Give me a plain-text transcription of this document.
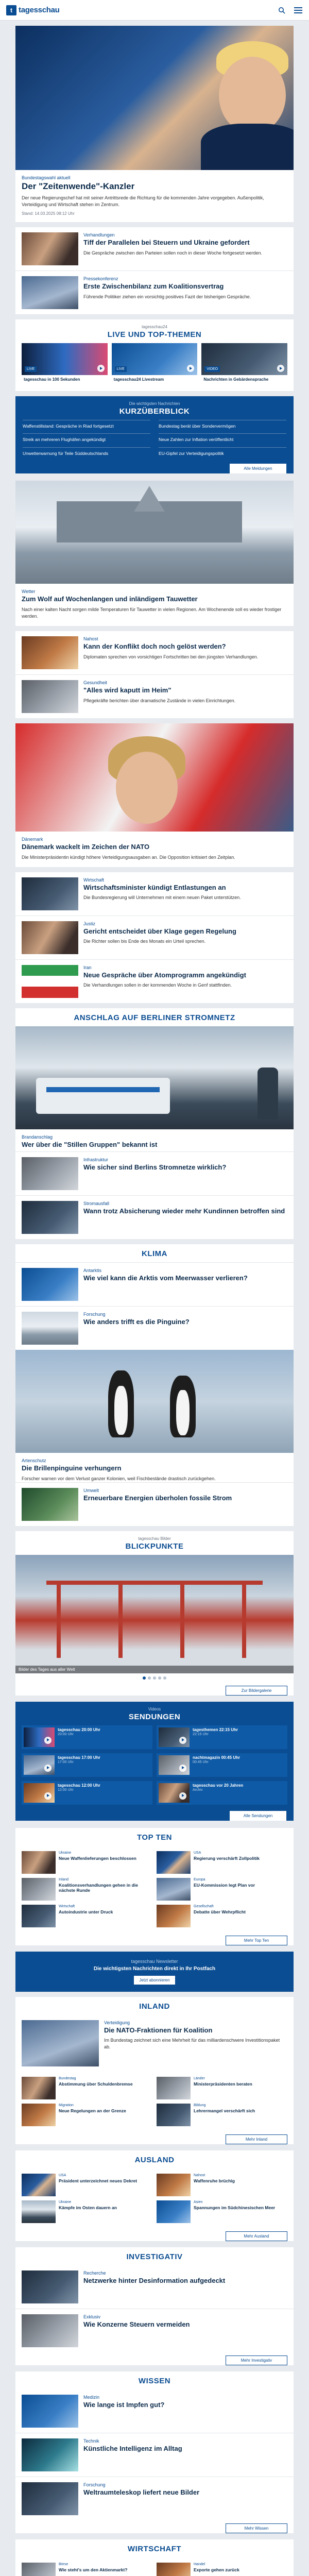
t tagesschau
Bundestagswahl aktuell
Der "Zeitenwende"-Kanzler
Der neue Regierungschef hat mit seiner Antrittsrede die Richtung für die kommenden Jahre vorgegeben. Außenpolitik, Verteidigung und Wirtschaft stehen im Zentrum.
Stand: 14.03.2025 08:12 Uhr
Verhandlungen
Tiff der Parallelen bei Steuern und Ukraine gefordert
Die Gespräche zwischen den Parteien sollen noch in dieser Woche fortgesetzt werden.
Pressekonferenz
Erste Zwischenbilanz zum Koalitionsvertrag
Führende Politiker ziehen ein vorsichtig positives Fazit der bisherigen Gespräche.
tagesschau24
LIVE UND TOP-THEMEN
LIVE
tagesschau in 100 Sekunden
LIVE
tagesschau24 Livestream
VIDEO
Nachrichten in Gebärdensprache
Die wichtigsten Nachrichten
KURZÜBERBLICK
Waffenstillstand: Gespräche in Riad fortgesetzt	Bundestag berät über Sondervermögen
Streik an mehreren Flughäfen angekündigt	Neue Zahlen zur Inflation veröffentlicht
Unwetterwarnung für Teile Süddeutschlands	EU-Gipfel zur Verteidigungspolitik
Alle Meldungen
Wetter
Zum Wolf auf Wochenlangen und inländigem Tauwetter
Nach einer kalten Nacht sorgen milde Temperaturen für Tauwetter in vielen Regionen. Am Wochenende soll es wieder frostiger werden.
Nahost
Kann der Konflikt doch noch gelöst werden?
Diplomaten sprechen von vorsichtigen Fortschritten bei den jüngsten Verhandlungen.
Gesundheit
"Alles wird kaputt im Heim"
Pflegekräfte berichten über dramatische Zustände in vielen Einrichtungen.
Dänemark
Dänemark wackelt im Zeichen der NATO
Die Ministerpräsidentin kündigt höhere Verteidigungsausgaben an. Die Opposition kritisiert den Zeitplan.
Wirtschaft
Wirtschaftsminister kündigt Entlastungen an
Die Bundesregierung will Unternehmen mit einem neuen Paket unterstützen.
Justiz
Gericht entscheidet über Klage gegen Regelung
Die Richter sollen bis Ende des Monats ein Urteil sprechen.
Iran
Neue Gespräche über Atomprogramm angekündigt
Die Verhandlungen sollen in der kommenden Woche in Genf stattfinden.
ANSCHLAG AUF BERLINER STROMNETZ
Brandanschlag
Wer über die "Stillen Gruppen" bekannt ist
Infrastruktur
Wie sicher sind Berlins Stromnetze wirklich?
Stromausfall
Wann trotz Absicherung wieder mehr Kundinnen betroffen sind
KLIMA
Antarktis
Wie viel kann die Arktis vom Meerwasser verlieren?
Forschung
Wie anders trifft es die Pinguine?
Artenschutz
Die Brillenpinguine verhungern
Forscher warnen vor dem Verlust ganzer Kolonien, weil Fischbestände drastisch zurückgehen.
Umwelt
Erneuerbare Energien überholen fossile Strom
tagesschau Bilder
BLICKPUNKTE
Bilder des Tages aus aller Welt
Zur Bildergalerie
Videos
SENDUNGEN
tagesschau 20:00 Uhr
20:00 Uhr
tagesthemen 22:15 Uhr
22:15 Uhr
tagesschau 17:00 Uhr
17:00 Uhr
nachtmagazin 00:45 Uhr
00:45 Uhr
tagesschau 12:00 Uhr
12:00 Uhr
tagesschau vor 20 Jahren
Archiv
Alle Sendungen
TOP TEN
Ukraine
Neue Waffenlieferungen beschlossen
USA
Regierung verschärft Zollpolitik
Inland
Koalitionsverhandlungen gehen in die nächste Runde
Europa
EU-Kommission legt Plan vor
Wirtschaft
Autoindustrie unter Druck
Gesellschaft
Debatte über Wehrpflicht
Mehr Top Ten
tagesschau Newsletter
Die wichtigsten Nachrichten direkt in Ihr Postfach
Jetzt abonnieren
INLAND
Verteidigung
Die NATO-Fraktionen für Koalition
Im Bundestag zeichnet sich eine Mehrheit für das milliardenschwere Investitionspaket ab.
Bundestag
Abstimmung über Schuldenbremse
Länder
Ministerpräsidenten beraten
Migration
Neue Regelungen an der Grenze
Bildung
Lehrermangel verschärft sich
Mehr Inland
AUSLAND
USA
Präsident unterzeichnet neues Dekret
Nahost
Waffenruhe brüchig
Ukraine
Kämpfe im Osten dauern an
Asien
Spannungen im Südchinesischen Meer
Mehr Ausland
INVESTIGATIV
Recherche
Netzwerke hinter Desinformation aufgedeckt
Exklusiv
Wie Konzerne Steuern vermeiden
Mehr Investigativ
WISSEN
Medizin
Wie lange ist Impfen gut?
Technik
Künstliche Intelligenz im Alltag
Forschung
Weltraumteleskop liefert neue Bilder
Mehr Wissen
WIRTSCHAFT
Börse
Wie steht's um den Aktienmarkt?
Handel
Exporte gehen zurück
